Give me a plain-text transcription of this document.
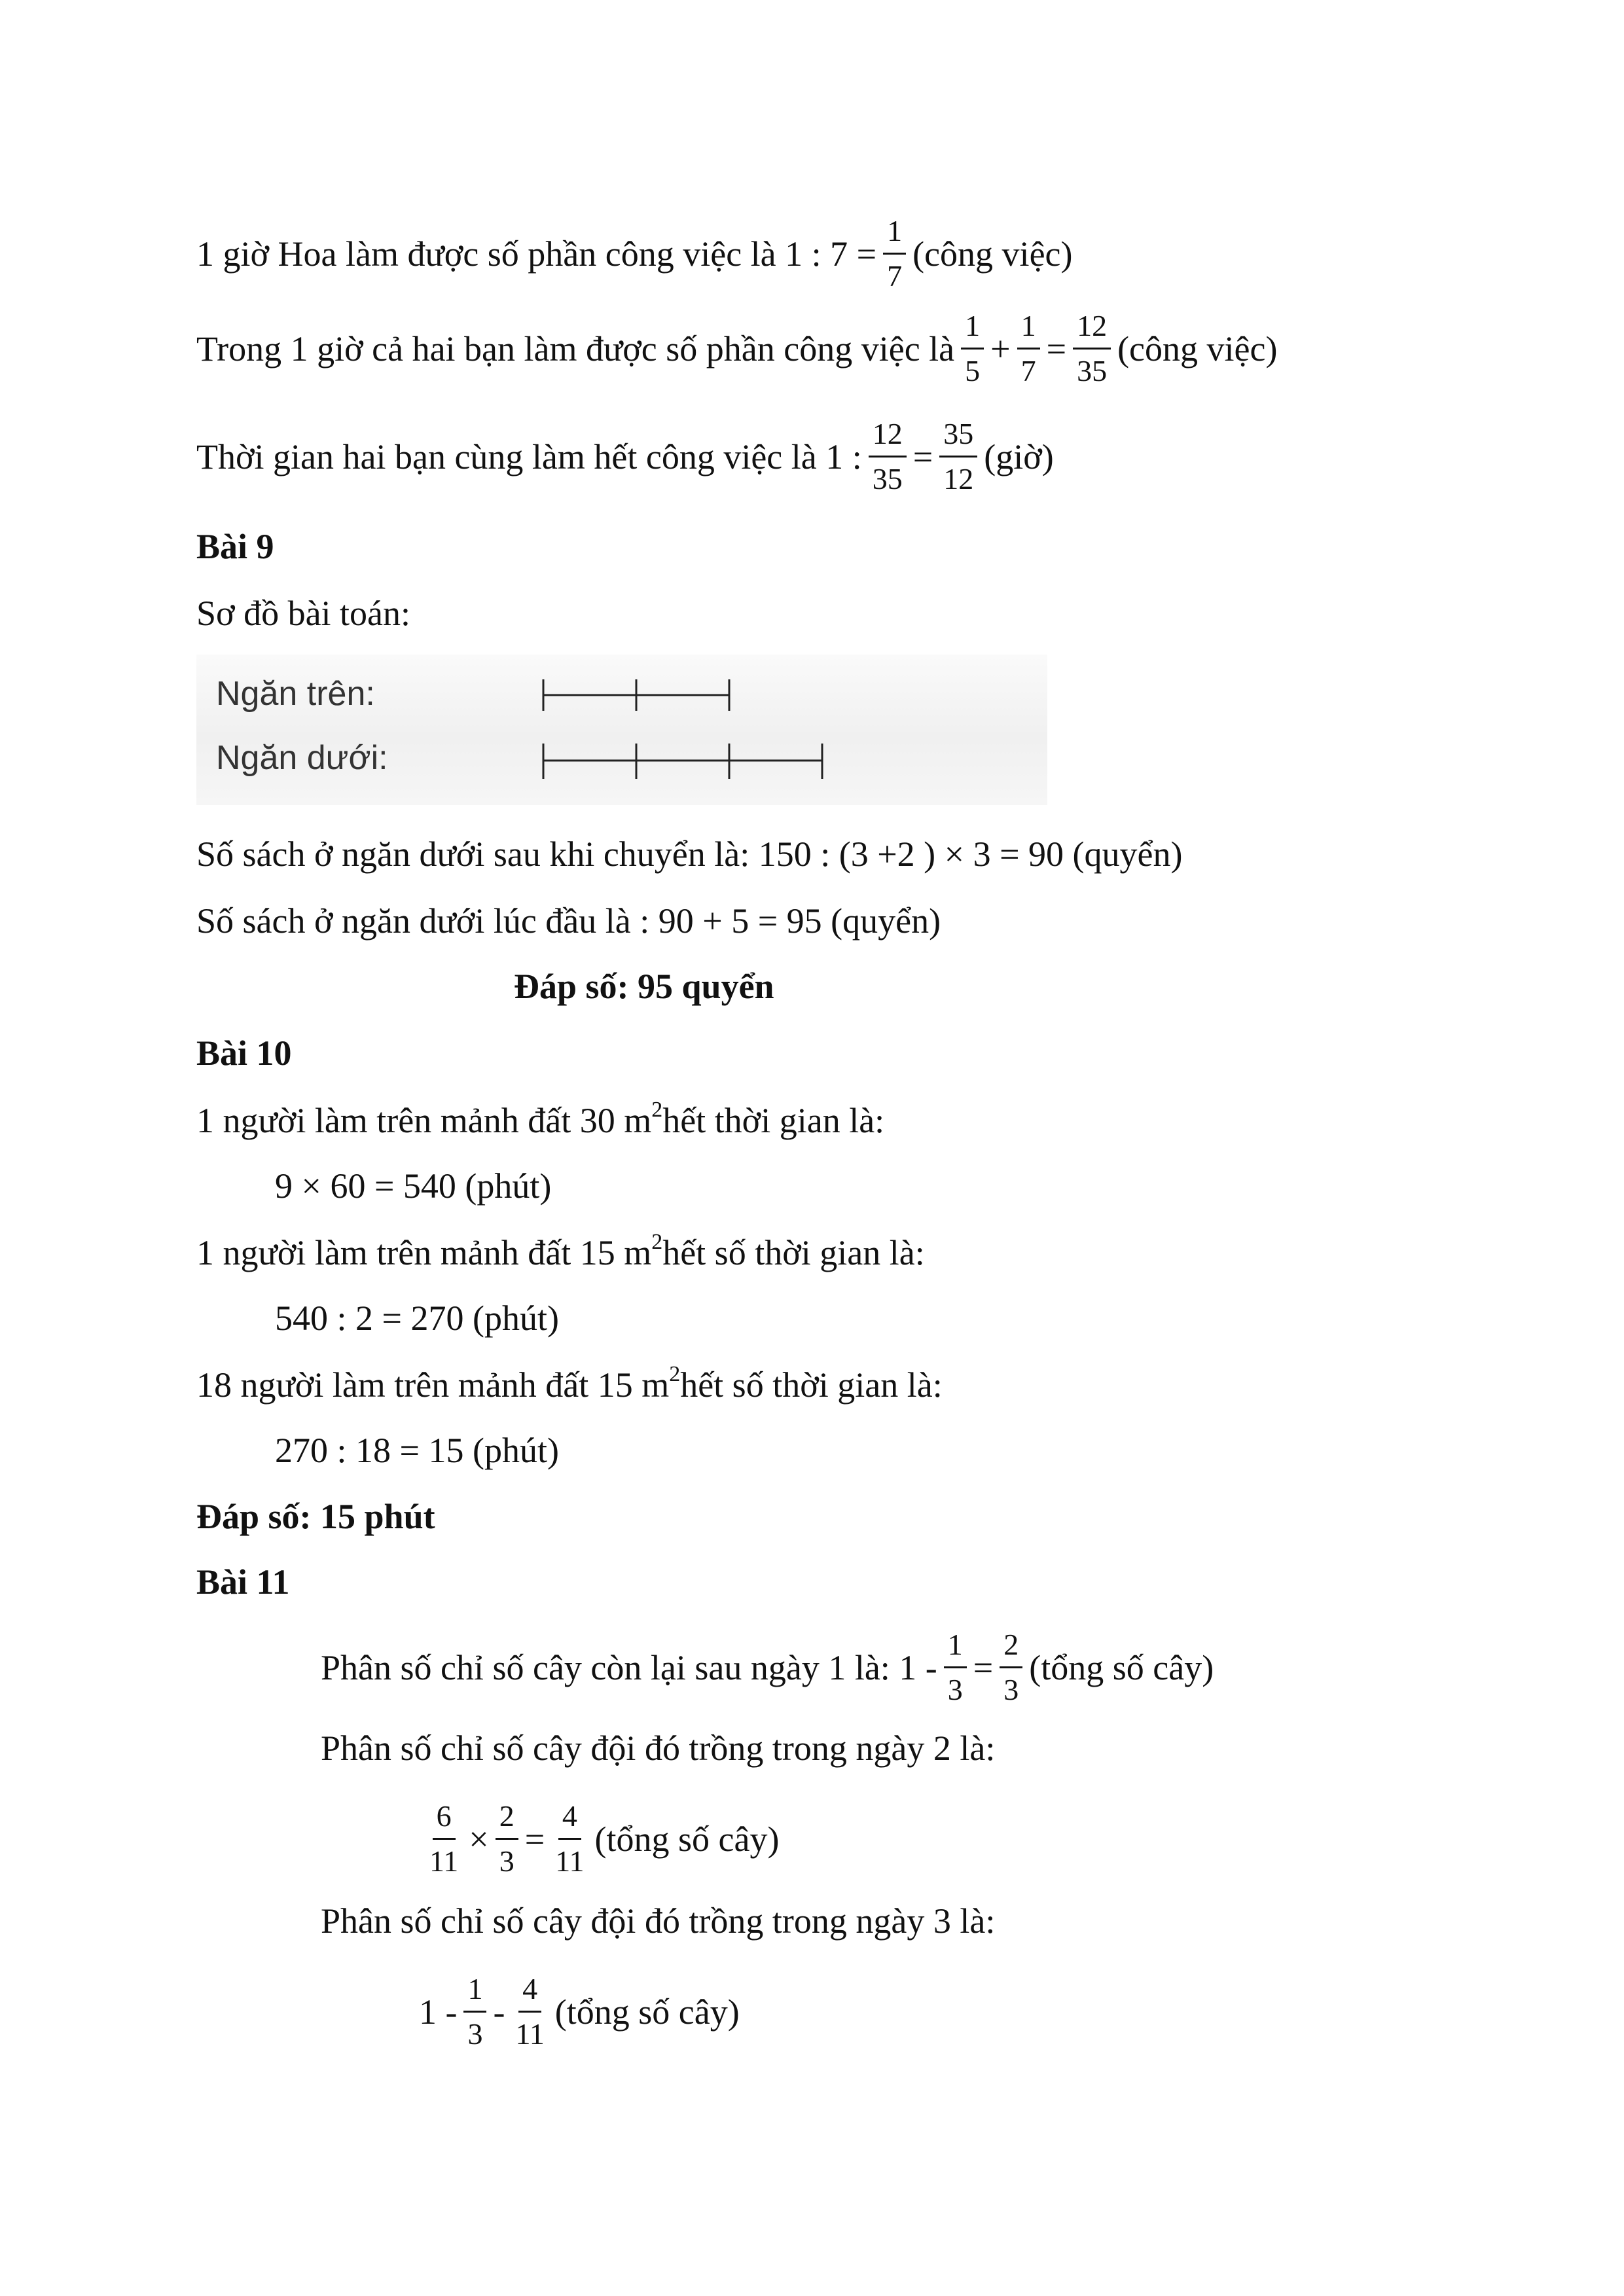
1 giờ Hoa làm được số phần công việc là 1 : $7 = \frac{1}{7}$ (công việc)
Trong 1 giờ cả hai bạn làm được số phần công việc là $\frac{1}{5} + \frac{1}{7} = \frac{12}{35}$ (công việc)
Thời gian hai bạn cùng làm hết công việc là 1 : $\frac{12}{35} = \frac{35}{12}$ (giờ)
Bài 9
Sơ đồ bài toán:
Ngăn trên:
Ngăn dưới:
Số sách ở ngăn dưới sau khi chuyển là: 150 : (3 +2 ) × 3 = 90 (quyển)
Số sách ở ngăn dưới lúc đầu là : 90 + 5 = 95 (quyển)
Đáp số: 95 quyển
Bài 10
1 người làm trên mảnh đất 30 $m^2$ hết thời gian là:
9 × 60 = 540 (phút)
1 người làm trên mảnh đất 15 $m^2$ hết số thời gian là:
540 : 2 = 270 (phút)
18 người làm trên mảnh đất 15 $m^2$ hết số thời gian là:
270 : 18 = 15 (phút)
Đáp số: 15 phút
Bài 11
Phân số chỉ số cây còn lại sau ngày 1 là: $1 - \frac{1}{3} = \frac{2}{3}$ (tổng số cây)
Phân số chỉ số cây đội đó trồng trong ngày 2 là:
$\frac{6}{11} \times \frac{2}{3} = \frac{4}{11}$ (tổng số cây)
Phân số chỉ số cây đội đó trồng trong ngày 3 là:
$1 - \frac{1}{3} - \frac{4}{11}$ (tổng số cây)
